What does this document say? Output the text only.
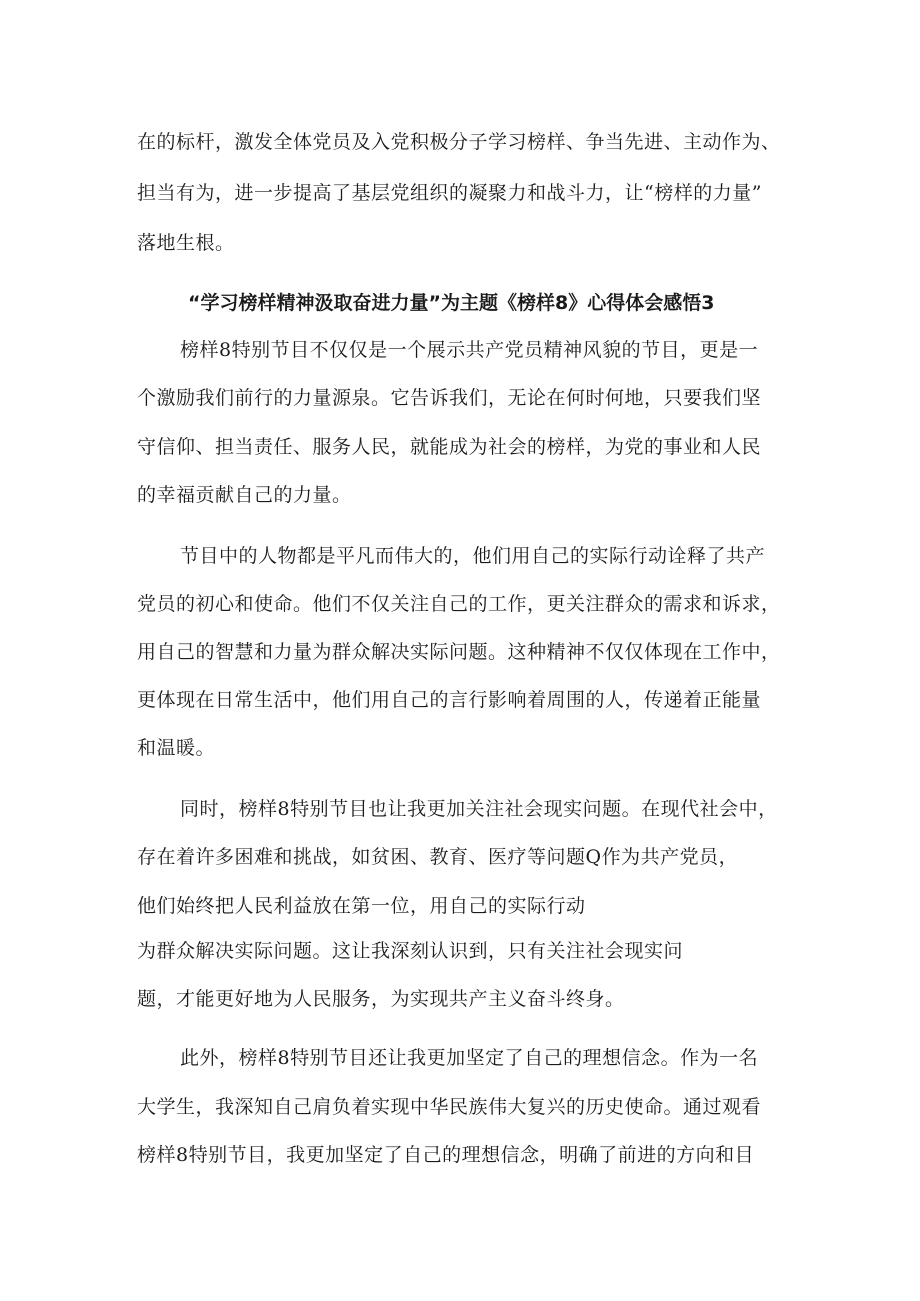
在的标杆，激发全体党员及入党积极分子学习榜样、争当先进、主动作为、
担当有为，进一步提高了基层党组织的凝聚力和战斗力，让“榜样的力量”
落地生根。
“学习榜样精神汲取奋进力量”为主题《榜样8》心得体会感悟3
榜样8特别节目不仅仅是一个展示共产党员精神风貌的节目，更是一
个激励我们前行的力量源泉。它告诉我们，无论在何时何地，只要我们坚
守信仰、担当责任、服务人民，就能成为社会的榜样，为党的事业和人民
的幸福贡献自己的力量。
节目中的人物都是平凡而伟大的，他们用自己的实际行动诠释了共产
党员的初心和使命。他们不仅关注自己的工作，更关注群众的需求和诉求，
用自己的智慧和力量为群众解决实际问题。这种精神不仅仅体现在工作中，
更体现在日常生活中，他们用自己的言行影响着周围的人，传递着正能量
和温暖。
同时，榜样8特别节目也让我更加关注社会现实问题。在现代社会中，
存在着许多困难和挑战，如贫困、教育、医疗等问题Q作为共产党员，
他们始终把人民利益放在第一位，用自己的实际行动
为群众解决实际问题。这让我深刻认识到，只有关注社会现实问
题，才能更好地为人民服务，为实现共产主义奋斗终身。
此外，榜样8特别节目还让我更加坚定了自己的理想信念。作为一名
大学生，我深知自己肩负着实现中华民族伟大复兴的历史使命。通过观看
榜样8特别节目，我更加坚定了自己的理想信念，明确了前进的方向和目
